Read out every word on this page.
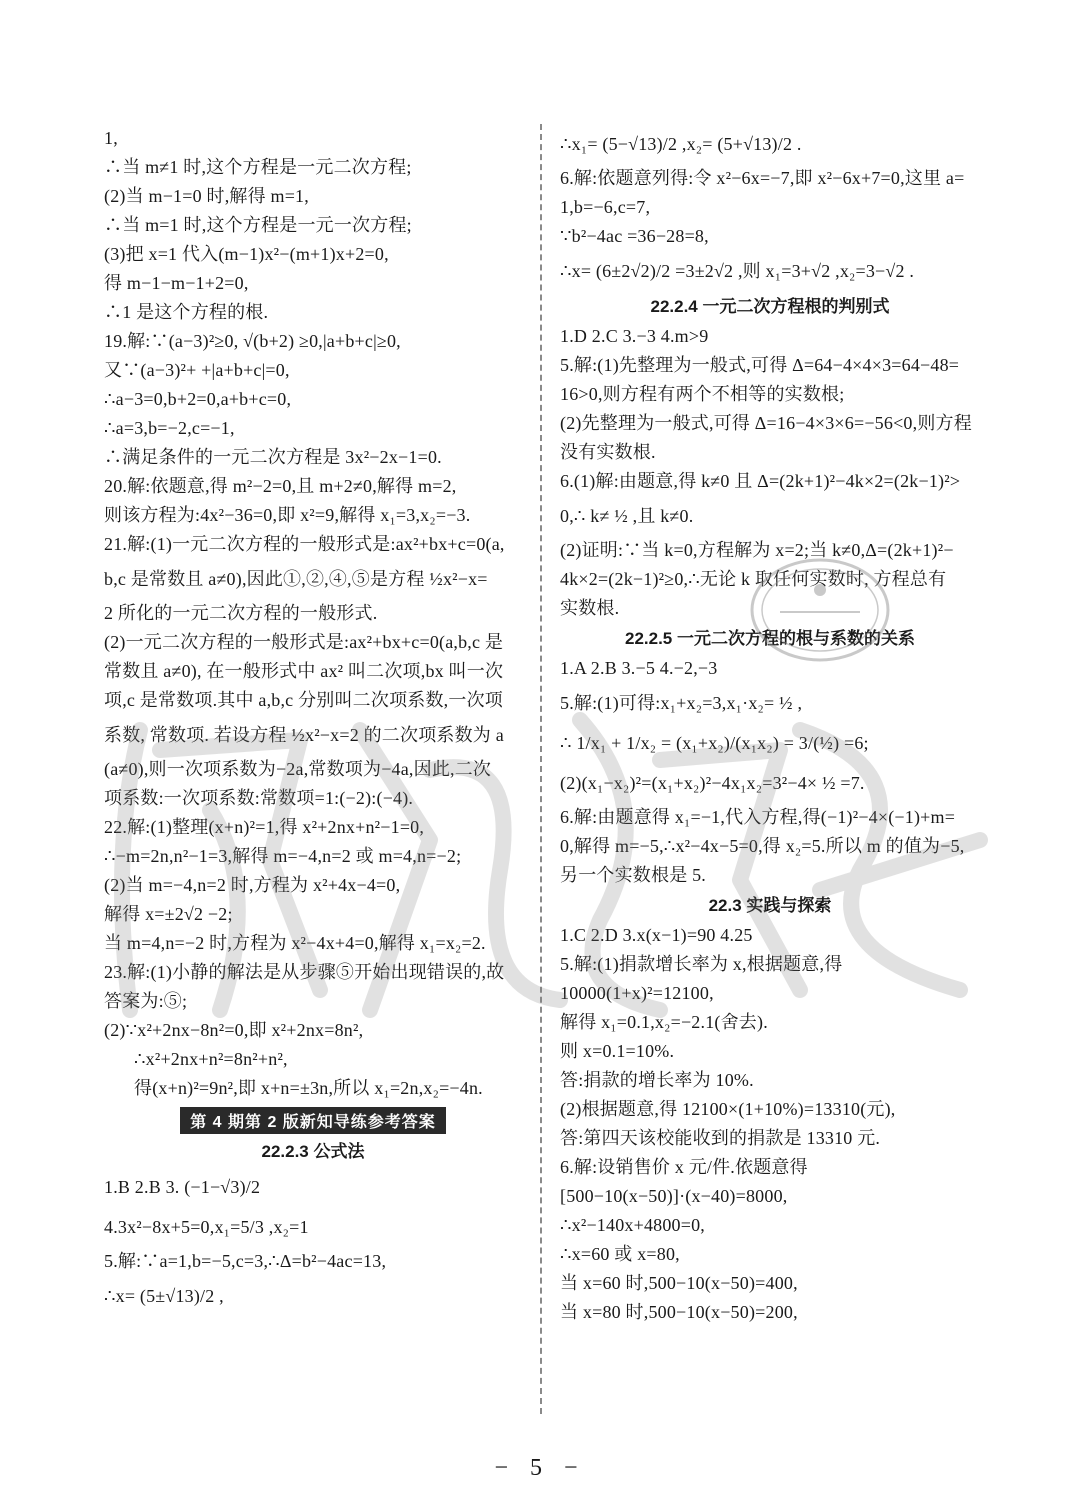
1,
∴当 m≠1 时,这个方程是一元二次方程;
(2)当 m−1=0 时,解得 m=1,
∴当 m=1 时,这个方程是一元一次方程;
(3)把 x=1 代入(m−1)x²−(m+1)x+2=0,
得 m−1−m−1+2=0,
∴1 是这个方程的根.
19.解:∵(a−3)²≥0, √(b+2) ≥0,|a+b+c|≥0,
又∵(a−3)²+ +|a+b+c|=0,
∴a−3=0,b+2=0,a+b+c=0,
∴a=3,b=−2,c=−1,
∴满足条件的一元二次方程是 3x²−2x−1=0.
20.解:依题意,得 m²−2=0,且 m+2≠0,解得 m=2,
则该方程为:4x²−36=0,即 x²=9,解得 x₁=3,x₂=−3.
21.解:(1)一元二次方程的一般形式是:ax²+bx+c=0(a,
b,c 是常数且 a≠0),因此①,②,④,⑤是方程 ½x²−x=
2 所化的一元二次方程的一般形式.
(2)一元二次方程的一般形式是:ax²+bx+c=0(a,b,c 是
常数且 a≠0), 在一般形式中 ax² 叫二次项,bx 叫一次
项,c 是常数项.其中 a,b,c 分别叫二次项系数,一次项
系数, 常数项. 若设方程 ½x²−x=2 的二次项系数为 a
(a≠0),则一次项系数为−2a,常数项为−4a,因此,二次
项系数:一次项系数:常数项=1:(−2):(−4).
22.解:(1)整理(x+n)²=1,得 x²+2nx+n²−1=0,
∴−m=2n,n²−1=3,解得 m=−4,n=2 或 m=4,n=−2;
(2)当 m=−4,n=2 时,方程为 x²+4x−4=0,
解得 x=±2√2 −2;
当 m=4,n=−2 时,方程为 x²−4x+4=0,解得 x₁=x₂=2.
23.解:(1)小静的解法是从步骤⑤开始出现错误的,故
答案为:⑤;
(2)∵x²+2nx−8n²=0,即 x²+2nx=8n²,
∴x²+2nx+n²=8n²+n²,
得(x+n)²=9n²,即 x+n=±3n,所以 x₁=2n,x₂=−4n.
第 4 期第 2 版新知导练参考答案
22.2.3 公式法
1.B 2.B 3. (−1−√3)/2
4.3x²−8x+5=0,x₁=5/3 ,x₂=1
5.解:∵a=1,b=−5,c=3,∴Δ=b²−4ac=13,
∴x= (5±√13)/2 ,
∴x₁= (5−√13)/2 ,x₂= (5+√13)/2 .
6.解:依题意列得:令 x²−6x=−7,即 x²−6x+7=0,这里 a=
1,b=−6,c=7,
∵b²−4ac =36−28=8,
∴x= (6±2√2)/2 =3±2√2 ,则 x₁=3+√2 ,x₂=3−√2 .
22.2.4 一元二次方程根的判别式
1.D 2.C 3.−3 4.m>9
5.解:(1)先整理为一般式,可得 Δ=64−4×4×3=64−48=
16>0,则方程有两个不相等的实数根;
(2)先整理为一般式,可得 Δ=16−4×3×6=−56<0,则方程
没有实数根.
6.(1)解:由题意,得 k≠0 且 Δ=(2k+1)²−4k×2=(2k−1)²>
0,∴ k≠ ½ ,且 k≠0.
(2)证明:∵当 k=0,方程解为 x=2;当 k≠0,Δ=(2k+1)²−
4k×2=(2k−1)²≥0,∴无论 k 取任何实数时, 方程总有
实数根.
22.2.5 一元二次方程的根与系数的关系
1.A 2.B 3.−5 4.−2,−3
5.解:(1)可得:x₁+x₂=3,x₁·x₂= ½ ,
∴ 1/x₁ + 1/x₂ = (x₁+x₂)/(x₁x₂) = 3/(½) =6;
(2)(x₁−x₂)²=(x₁+x₂)²−4x₁x₂=3²−4× ½ =7.
6.解:由题意得 x₁=−1,代入方程,得(−1)²−4×(−1)+m=
0,解得 m=−5,∴x²−4x−5=0,得 x₂=5.所以 m 的值为−5,
另一个实数根是 5.
22.3 实践与探索
1.C 2.D 3.x(x−1)=90 4.25
5.解:(1)捐款增长率为 x,根据题意,得
10000(1+x)²=12100,
解得 x₁=0.1,x₂=−2.1(舍去).
则 x=0.1=10%.
答:捐款的增长率为 10%.
(2)根据题意,得 12100×(1+10%)=13310(元),
答:第四天该校能收到的捐款是 13310 元.
6.解:设销售价 x 元/件.依题意得
[500−10(x−50)]·(x−40)=8000,
∴x²−140x+4800=0,
∴x=60 或 x=80,
当 x=60 时,500−10(x−50)=400,
当 x=80 时,500−10(x−50)=200,
− 5 −
